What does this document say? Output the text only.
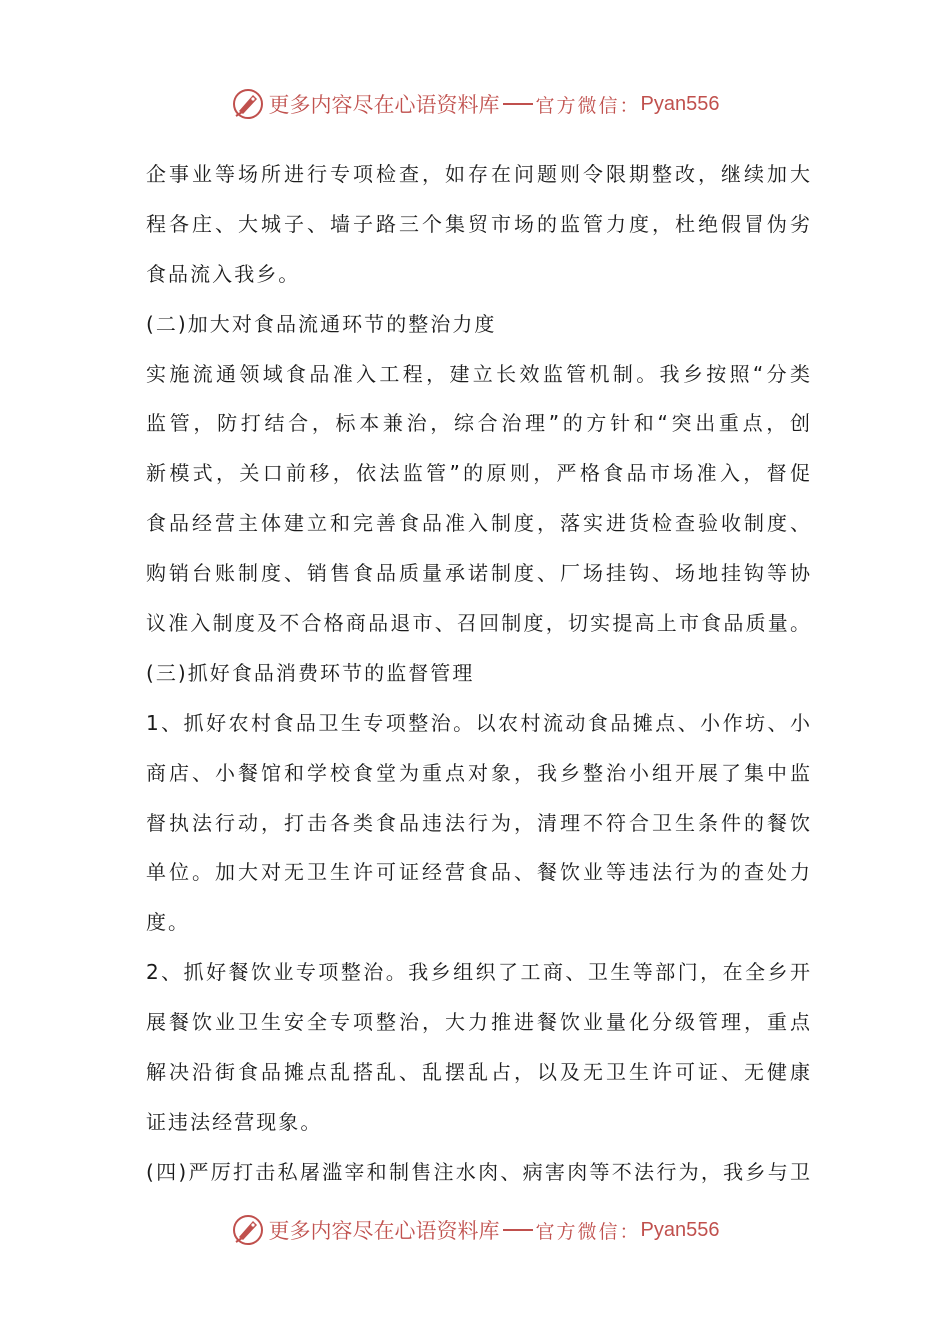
更多内容尽在心语资料库 官方微信： Pyan556
企事业等场所进行专项检查，如存在问题则令限期整改，继续加大
程各庄、大城子、墙子路三个集贸市场的监管力度，杜绝假冒伪劣
食品流入我乡。
(二)加大对食品流通环节的整治力度
实施流通领域食品准入工程，建立长效监管机制。我乡按照“分类
监管，防打结合，标本兼治，综合治理”的方针和“突出重点，创
新模式，关口前移，依法监管”的原则，严格食品市场准入，督促
食品经营主体建立和完善食品准入制度，落实进货检查验收制度、
购销台账制度、销售食品质量承诺制度、厂场挂钩、场地挂钩等协
议准入制度及不合格商品退市、召回制度，切实提高上市食品质量。
(三)抓好食品消费环节的监督管理
1、抓好农村食品卫生专项整治。以农村流动食品摊点、小作坊、小
商店、小餐馆和学校食堂为重点对象，我乡整治小组开展了集中监
督执法行动，打击各类食品违法行为，清理不符合卫生条件的餐饮
单位。加大对无卫生许可证经营食品、餐饮业等违法行为的查处力
度。
2、抓好餐饮业专项整治。我乡组织了工商、卫生等部门，在全乡开
展餐饮业卫生安全专项整治，大力推进餐饮业量化分级管理，重点
解决沿街食品摊点乱搭乱、乱摆乱占，以及无卫生许可证、无健康
证违法经营现象。
(四)严厉打击私屠滥宰和制售注水肉、病害肉等不法行为，我乡与卫
更多内容尽在心语资料库 官方微信： Pyan556
